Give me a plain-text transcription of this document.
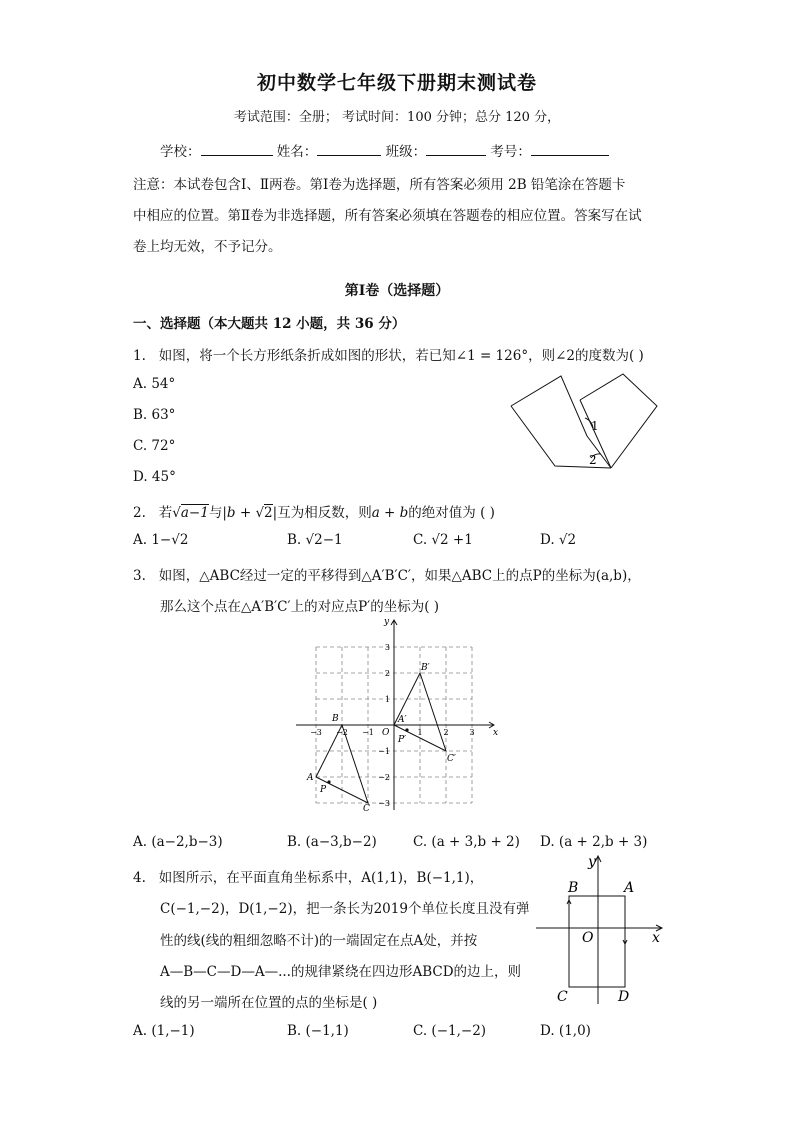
初中数学七年级下册期末测试卷
考试范围：全册； 考试时间：100 分钟；总分 120 分，
学校：	姓名：	班级：	考号：
注意：本试卷包含Ⅰ、Ⅱ两卷。第Ⅰ卷为选择题，所有答案必须用 2B 铅笔涂在答题卡
中相应的位置。第Ⅱ卷为非选择题，所有答案必须填在答题卷的相应位置。答案写在试
卷上均无效，不予记分。
第Ⅰ卷（选择题）
一、选择题（本大题共 12 小题，共 36 分）
1. 如图，将一个长方形纸条折成如图的形状，若已知∠1 = 126°，则∠2的度数为( )
A. 54°
B. 63°
C. 72°
D. 45°
1
2
2. 若√a−1与|b + √2|互为相反数，则a + b的绝对值为 ( )
A. 1−√2	B. √2−1	C. √2 +1	D. √2
3. 如图，△ABC经过一定的平移得到△A′B′C′，如果△ABC上的点P的坐标为(a,b)，
那么这个点在△A′B′C′上的对应点P′的坐标为( )
−3 −2 −1	1	2	3
3
2
1
−1
−2
−3
x
y
O
A
B
C
P
A′
B′
C′
P′
A. (a−2,b−3)	B. (a−3,b−2)	C. (a + 3,b + 2) D. (a + 2,b + 3)
4. 如图所示，在平面直角坐标系中，A(1,1)，B(−1,1)，
C(−1,−2)，D(1,−2)，把一条长为2019个单位长度且没有弹
性的线(线的粗细忽略不计)的一端固定在点A处，并按
A—B—C—D—A—...的规律紧绕在四边形ABCD的边上，则
线的另一端所在位置的点的坐标是( )
B	A
C	D
O	x
y
A. (1,−1)	B. (−1,1)	C. (−1,−2)	D. (1,0)
